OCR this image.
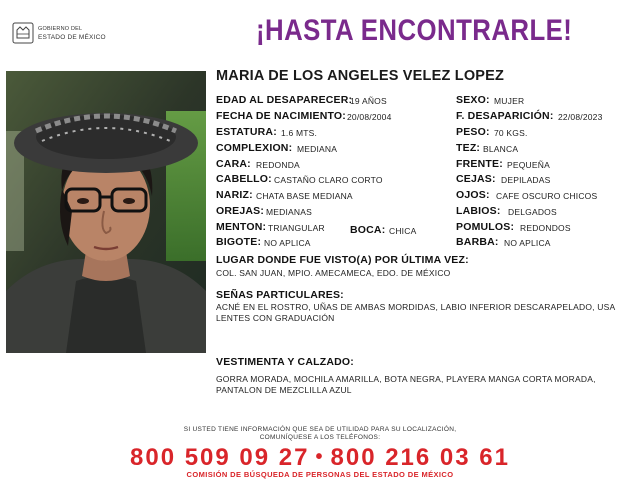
GOBIERNO DEL
ESTADO DE MÉXICO	¡HASTA ENCONTRARLE!
MARIA DE LOS ANGELES VELEZ LOPEZ
EDAD AL DESAPARECER:
19 AÑOS
FECHA DE NACIMIENTO: 20/08/2004
ESTATURA: 1.6 MTS.
COMPLEXION: MEDIANA
CARA: REDONDA
CABELLO: CASTAÑO CLARO CORTO
NARIZ: CHATA BASE MEDIANA
OREJAS: MEDIANAS
MENTON: TRIANGULAR BOCA: CHICA
BIGOTE: NO APLICA
SEXO: MUJER
F. DESAPARICIÓN: 22/08/2023
PESO: 70 KGS.
TEZ: BLANCA
FRENTE: PEQUEÑA
CEJAS: DEPILADAS
OJOS: CAFE OSCURO CHICOS
LABIOS: DELGADOS
POMULOS: REDONDOS
BARBA: NO APLICA
LUGAR DONDE FUE VISTO(A) POR ÚLTIMA VEZ:
COL. SAN JUAN, MPIO. AMECAMECA, EDO. DE MÉXICO
SEÑAS PARTICULARES:
ACNÉ EN EL ROSTRO, UÑAS DE AMBAS MORDIDAS, LABIO INFERIOR DESCARAPELADO, USA LENTES CON GRADUACIÓN
VESTIMENTA Y CALZADO:
GORRA MORADA, MOCHILA AMARILLA, BOTA NEGRA, PLAYERA MANGA CORTA MORADA, PANTALON DE MEZCLILLA AZUL
SI USTED TIENE INFORMACIÓN QUE SEA DE UTILIDAD PARA SU LOCALIZACIÓN,
COMUNÍQUESE A LOS TELÉFONOS:
800 509 09 27 • 800 216 03 61
COMISIÓN DE BÚSQUEDA DE PERSONAS DEL ESTADO DE MÉXICO
